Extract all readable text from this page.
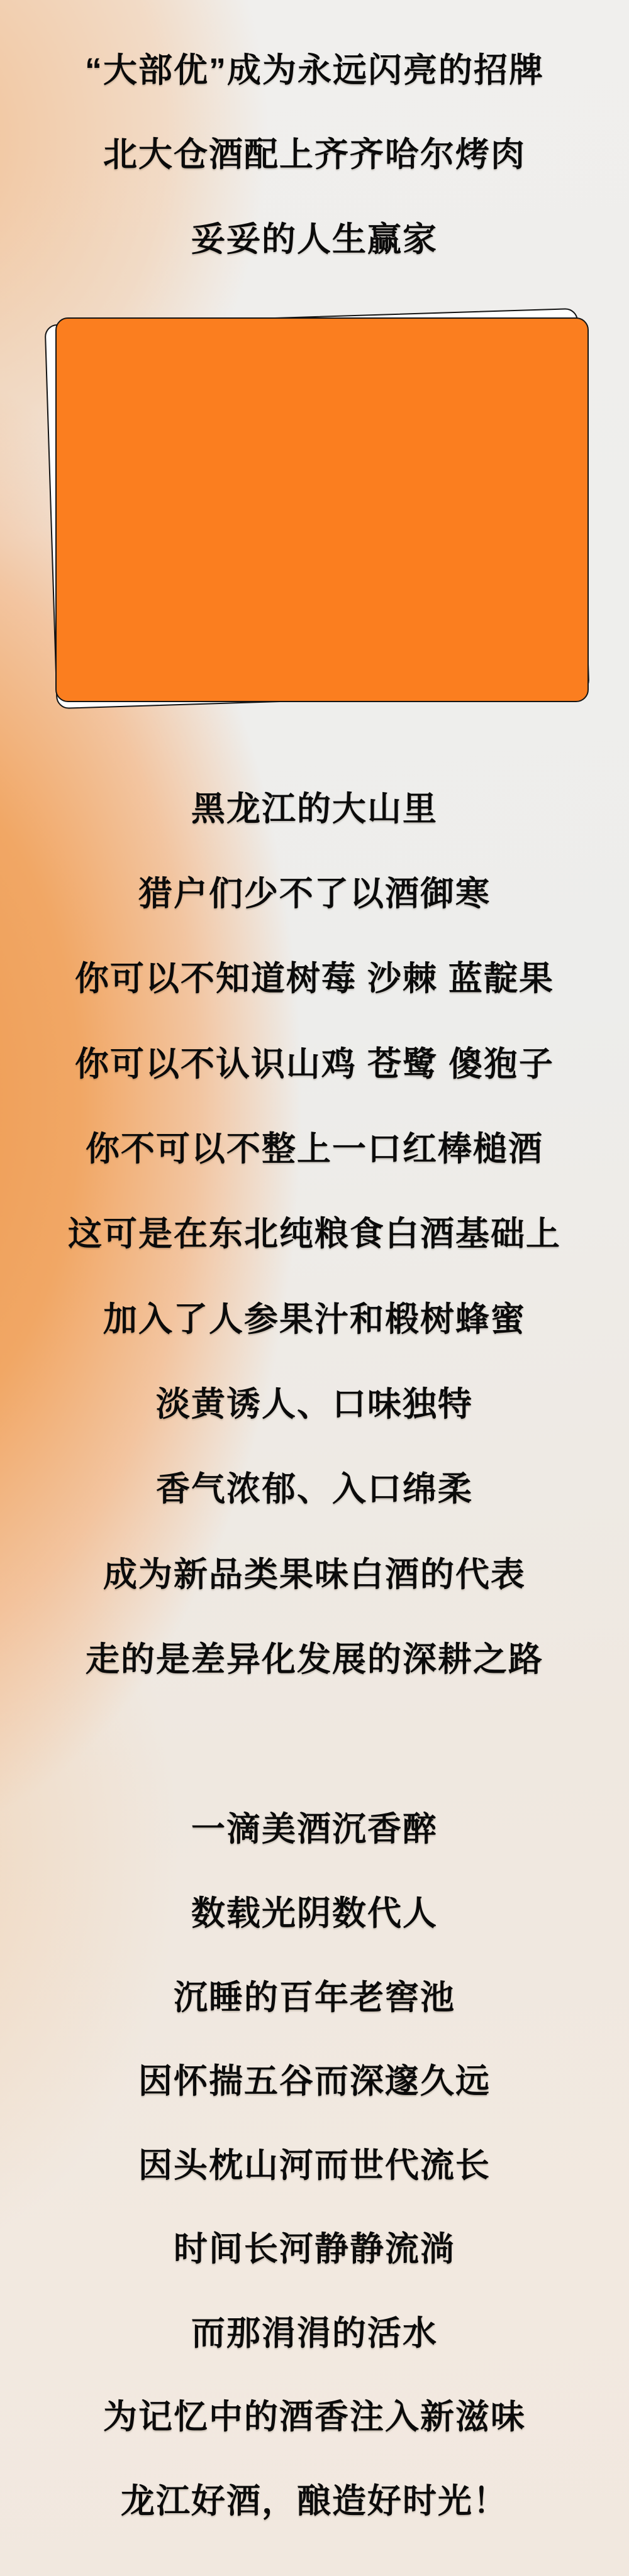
“大部优”成为永远闪亮的招牌
北大仓酒配上齐齐哈尔烤肉
妥妥的人生赢家
黑龙江的大山里
猎户们少不了以酒御寒
你可以不知道树莓 沙棘 蓝靛果
你可以不认识山鸡 苍鹭 傻狍子
你不可以不整上一口红棒槌酒
这可是在东北纯粮食白酒基础上
加入了人参果汁和椴树蜂蜜
淡黄诱人、口味独特
香气浓郁、入口绵柔
成为新品类果味白酒的代表
走的是差异化发展的深耕之路
一滴美酒沉香醉
数载光阴数代人
沉睡的百年老窖池
因怀揣五谷而深邃久远
因头枕山河而世代流长
时间长河静静流淌
而那涓涓的活水
为记忆中的酒香注入新滋味
龙江好酒，酿造好时光！
